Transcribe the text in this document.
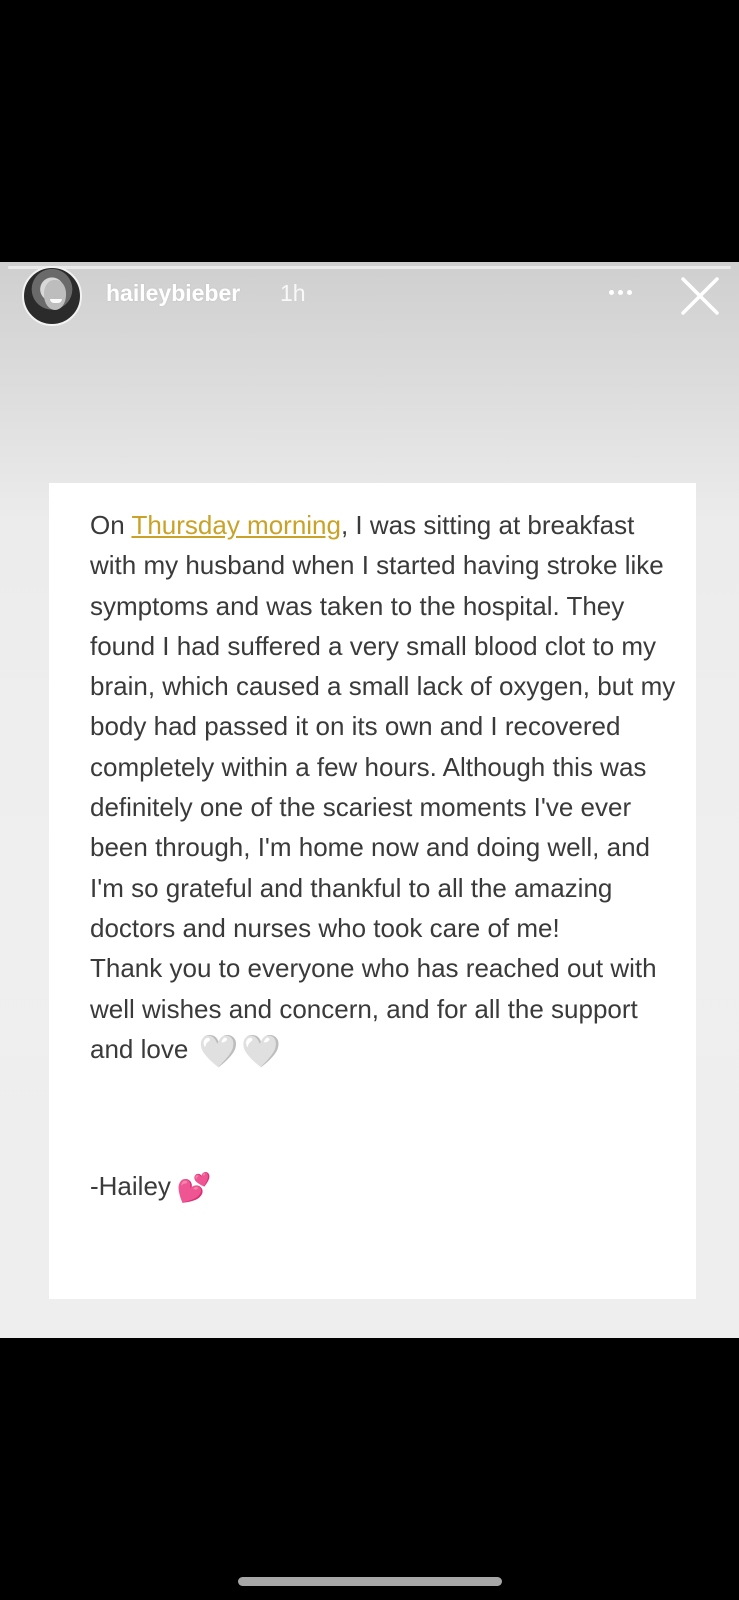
haileybieber 1h
On Thursday morning, I was sitting at breakfast with my husband when I started having stroke like symptoms and was taken to the hospital. They found I had suffered a very small blood clot to my brain, which caused a small lack of oxygen, but my body had passed it on its own and I recovered completely within a few hours. Although this was definitely one of the scariest moments I've ever been through, I'm home now and doing well, and I'm so grateful and thankful to all the amazing doctors and nurses who took care of me!
Thank you to everyone who has reached out with well wishes and concern, and for all the support and love 🤍🤍
-Hailey 💕
